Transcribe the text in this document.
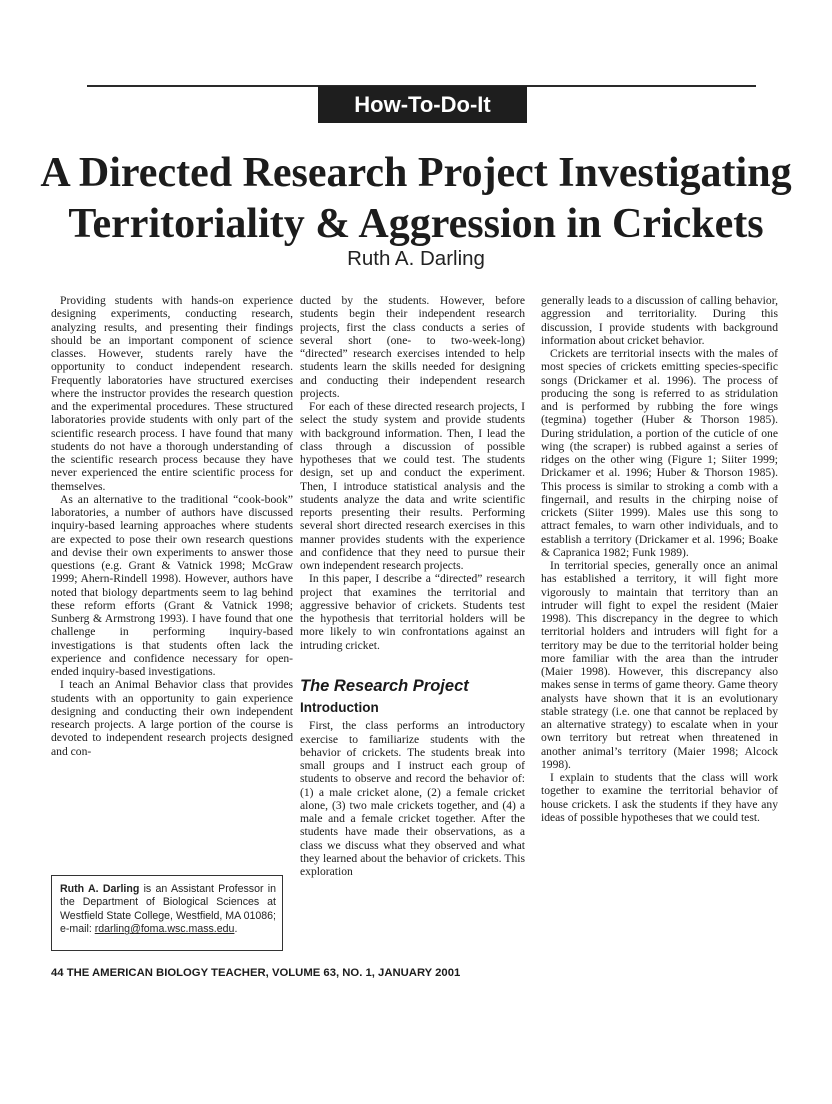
How-To-Do-It
A Directed Research Project Investigating
Territoriality & Aggression in Crickets
Ruth A. Darling

Providing students with hands-on experience designing experiments, conducting research, analyzing results, and presenting their findings should be an important component of science classes. However, students rarely have the opportunity to conduct independent research. Frequently laboratories have structured exercises where the instructor provides the research question and the experimental procedures. These structured laboratories provide students with only part of the scientific research process. I have found that many students do not have a thorough understanding of the scientific research process because they have never experienced the entire scientific process for themselves.

As an alternative to the traditional “cook-book” laboratories, a number of authors have discussed inquiry-based learning approaches where students are expected to pose their own research questions and devise their own experiments to answer those questions (e.g. Grant & Vatnick 1998; McGraw 1999; Ahern-Rindell 1998). However, authors have noted that biology departments seem to lag behind these reform efforts (Grant & Vatnick 1998; Sunberg & Armstrong 1993). I have found that one challenge in performing inquiry-based investigations is that students often lack the experience and confidence necessary for open-ended inquiry-based investigations.

I teach an Animal Behavior class that provides students with an opportunity to gain experience designing and conducting their own independent research projects. A large portion of the course is devoted to independent research projects designed and con-

ducted by the students. However, before students begin their independent research projects, first the class conducts a series of several short (one- to two-week-long) “directed” research exercises intended to help students learn the skills needed for designing and conducting their independent research projects.

For each of these directed research projects, I select the study system and provide students with background information. Then, I lead the class through a discussion of possible hypotheses that we could test. The students design, set up and conduct the experiment. Then, I introduce statistical analysis and the students analyze the data and write scientific reports presenting their results. Performing several short directed research exercises in this manner provides students with the experience and confidence that they need to pursue their own independent research projects.

In this paper, I describe a “directed” research project that examines the territorial and aggressive behavior of crickets. Students test the hypothesis that territorial holders will be more likely to win confrontations against an intruding cricket.

The Research Project
Introduction

First, the class performs an introductory exercise to familiarize students with the behavior of crickets. The students break into small groups and I instruct each group of students to observe and record the behavior of: (1) a male cricket alone, (2) a female cricket alone, (3) two male crickets together, and (4) a male and a female cricket together. After the students have made their observations, as a class we discuss what they observed and what they learned about the behavior of crickets. This exploration

generally leads to a discussion of calling behavior, aggression and territoriality. During this discussion, I provide students with background information about cricket behavior.

Crickets are territorial insects with the males of most species of crickets emitting species-specific songs (Drickamer et al. 1996). The process of producing the song is referred to as stridulation and is performed by rubbing the fore wings (tegmina) together (Huber & Thorson 1985). During stridulation, a portion of the cuticle of one wing (the scraper) is rubbed against a series of ridges on the other wing (Figure 1; Siiter 1999; Drickamer et al. 1996; Huber & Thorson 1985). This process is similar to stroking a comb with a fingernail, and results in the chirping noise of crickets (Siiter 1999). Males use this song to attract females, to warn other individuals, and to establish a territory (Drickamer et al. 1996; Boake & Capranica 1982; Funk 1989).

In territorial species, generally once an animal has established a territory, it will fight more vigorously to maintain that territory than an intruder will fight to expel the resident (Maier 1998). This discrepancy in the degree to which territorial holders and intruders will fight for a territory may be due to the territorial holder being more familiar with the area than the intruder (Maier 1998). However, this discrepancy also makes sense in terms of game theory. Game theory analysts have shown that it is an evolutionary stable strategy (i.e. one that cannot be replaced by an alternative strategy) to escalate when in your own territory but retreat when threatened in another animal’s territory (Maier 1998; Alcock 1998).

I explain to students that the class will work together to examine the territorial behavior of house crickets. I ask the students if they have any ideas of possible hypotheses that we could test.

Ruth A. Darling is an Assistant Professor in the Department of Biological Sciences at Westfield State College, Westfield, MA 01086; e-mail: rdarling@foma.wsc.mass.edu.
44 THE AMERICAN BIOLOGY TEACHER, VOLUME 63, NO. 1, JANUARY 2001
